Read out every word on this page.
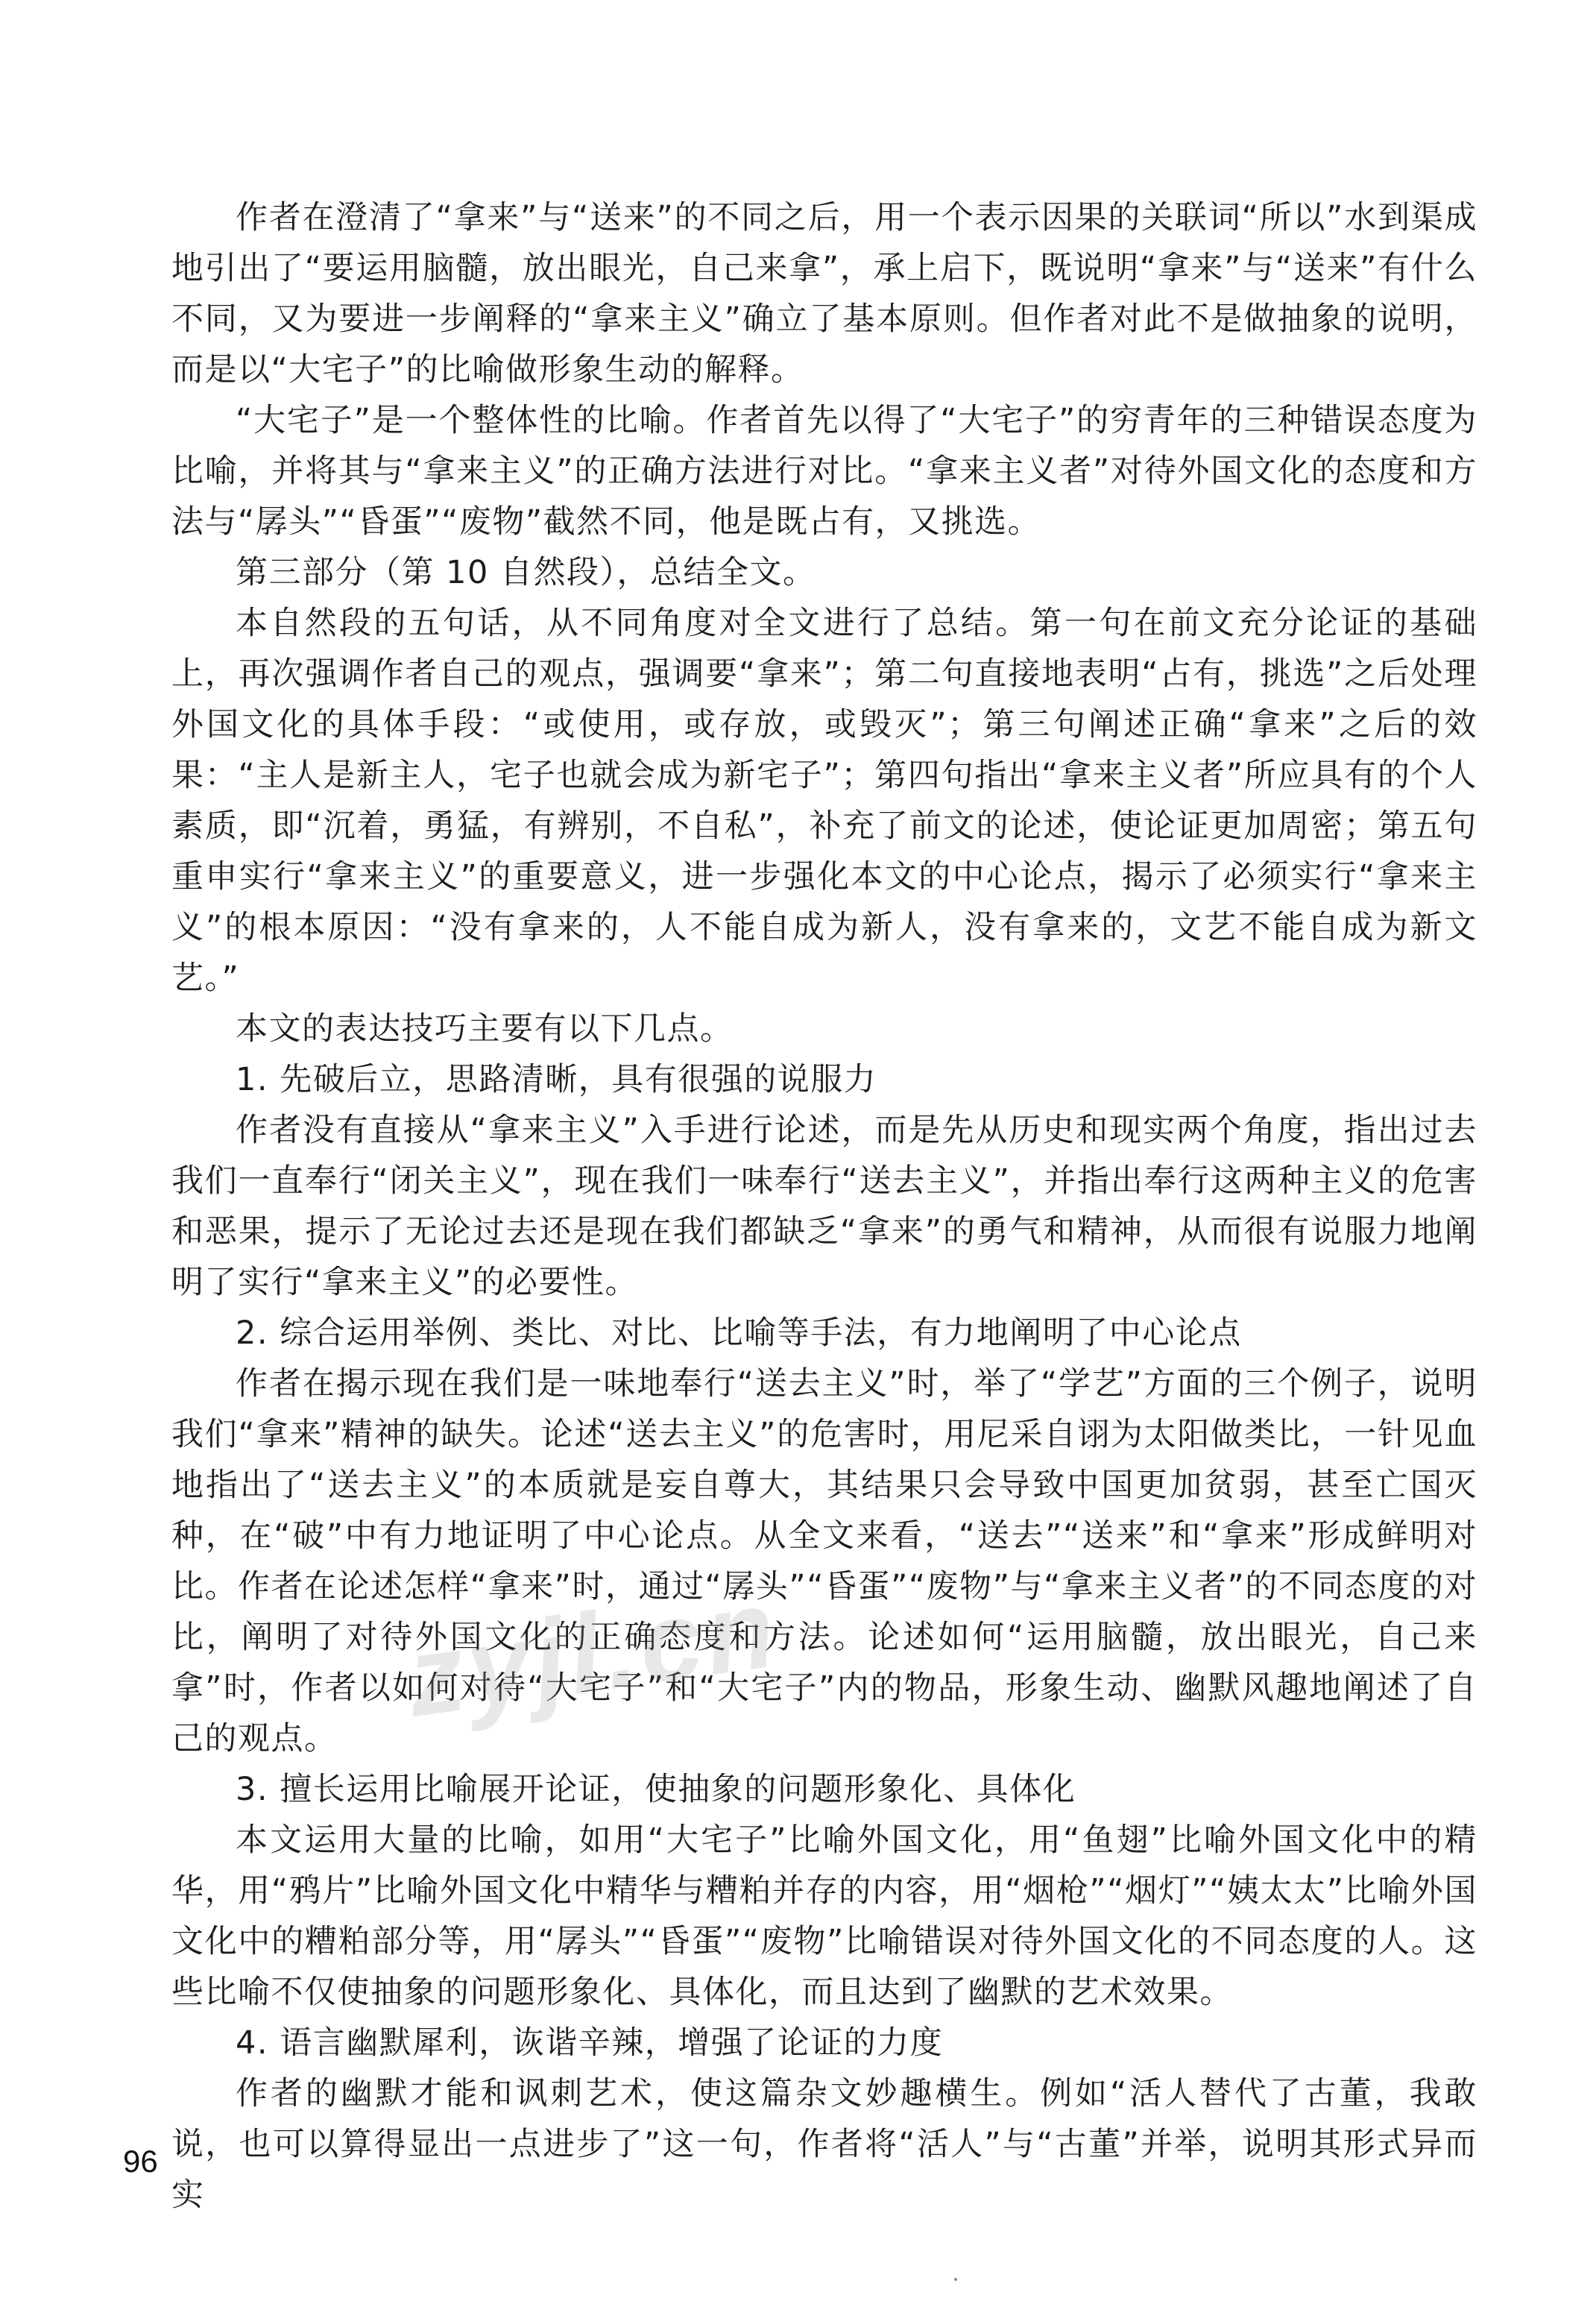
作者在澄清了“拿来”与“送来”的不同之后，用一个表示因果的关联词“所以”水到渠成地引出了“要运用脑髓，放出眼光，自己来拿”，承上启下，既说明“拿来”与“送来”有什么不同，又为要进一步阐释的“拿来主义”确立了基本原则。但作者对此不是做抽象的说明，而是以“大宅子”的比喻做形象生动的解释。

“大宅子”是一个整体性的比喻。作者首先以得了“大宅子”的穷青年的三种错误态度为比喻，并将其与“拿来主义”的正确方法进行对比。“拿来主义者”对待外国文化的态度和方法与“孱头”“昏蛋”“废物”截然不同，他是既占有，又挑选。

第三部分（第 10 自然段），总结全文。

本自然段的五句话，从不同角度对全文进行了总结。第一句在前文充分论证的基础上，再次强调作者自己的观点，强调要“拿来”；第二句直接地表明“占有，挑选”之后处理外国文化的具体手段：“或使用，或存放，或毁灭”；第三句阐述正确“拿来”之后的效果：“主人是新主人，宅子也就会成为新宅子”；第四句指出“拿来主义者”所应具有的个人素质，即“沉着，勇猛，有辨别，不自私”，补充了前文的论述，使论证更加周密；第五句重申实行“拿来主义”的重要意义，进一步强化本文的中心论点，揭示了必须实行“拿来主义”的根本原因：“没有拿来的，人不能自成为新人，没有拿来的，文艺不能自成为新文艺。”

本文的表达技巧主要有以下几点。

1. 先破后立，思路清晰，具有很强的说服力

作者没有直接从“拿来主义”入手进行论述，而是先从历史和现实两个角度，指出过去我们一直奉行“闭关主义”，现在我们一味奉行“送去主义”，并指出奉行这两种主义的危害和恶果，提示了无论过去还是现在我们都缺乏“拿来”的勇气和精神，从而很有说服力地阐明了实行“拿来主义”的必要性。

2. 综合运用举例、类比、对比、比喻等手法，有力地阐明了中心论点

作者在揭示现在我们是一味地奉行“送去主义”时，举了“学艺”方面的三个例子，说明我们“拿来”精神的缺失。论述“送去主义”的危害时，用尼采自诩为太阳做类比，一针见血地指出了“送去主义”的本质就是妄自尊大，其结果只会导致中国更加贫弱，甚至亡国灭种，在“破”中有力地证明了中心论点。从全文来看，“送去”“送来”和“拿来”形成鲜明对比。作者在论述怎样“拿来”时，通过“孱头”“昏蛋”“废物”与“拿来主义者”的不同态度的对比，阐明了对待外国文化的正确态度和方法。论述如何“运用脑髓，放出眼光，自己来拿”时，作者以如何对待“大宅子”和“大宅子”内的物品，形象生动、幽默风趣地阐述了自己的观点。

3. 擅长运用比喻展开论证，使抽象的问题形象化、具体化

本文运用大量的比喻，如用“大宅子”比喻外国文化，用“鱼翅”比喻外国文化中的精华，用“鸦片”比喻外国文化中精华与糟粕并存的内容，用“烟枪”“烟灯”“姨太太”比喻外国文化中的糟粕部分等，用“孱头”“昏蛋”“废物”比喻错误对待外国文化的不同态度的人。这些比喻不仅使抽象的问题形象化、具体化，而且达到了幽默的艺术效果。

4. 语言幽默犀利，诙谐辛辣，增强了论证的力度

作者的幽默才能和讽刺艺术，使这篇杂文妙趣横生。例如“活人替代了古董，我敢说，也可以算得显出一点进步了”这一句，作者将“活人”与“古董”并举，说明其形式异而实

zyjl.cn
96
